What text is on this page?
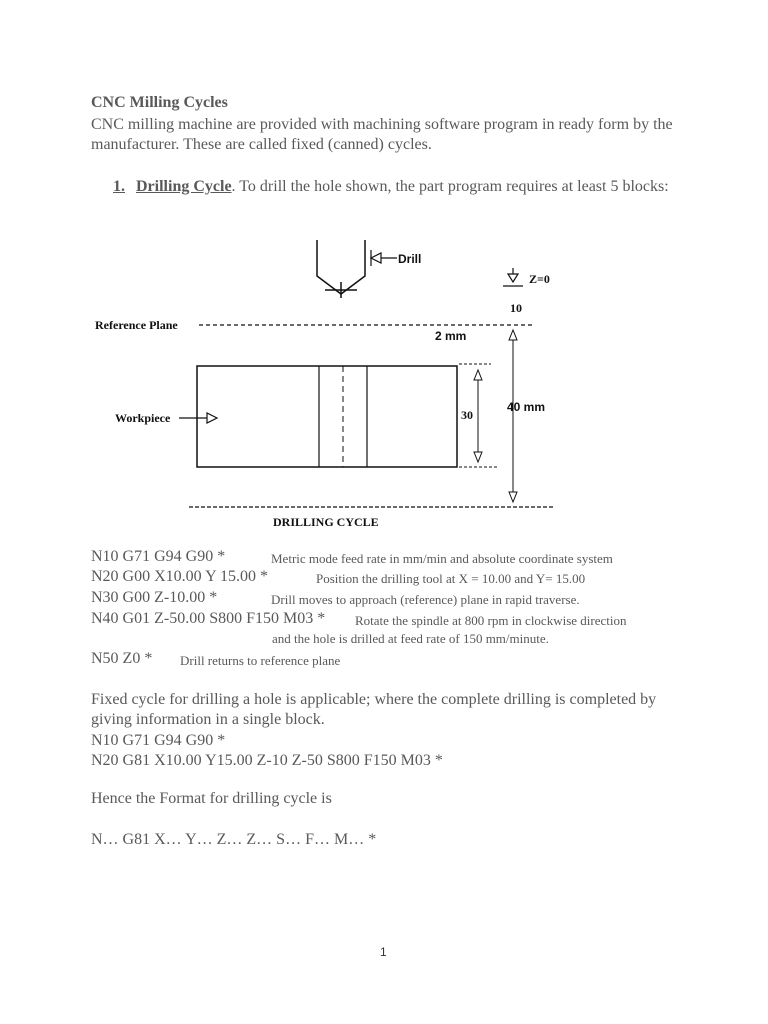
CNC Milling Cycles
CNC milling machine are provided with machining software program in ready form by the manufacturer. These are called fixed (canned) cycles.
1. Drilling Cycle. To drill the hole shown, the part program requires at least 5 blocks:
Drill
Z=0
10
Reference Plane
2 mm
Workpiece	30
40 mm
DRILLING CYCLE
N10 G71 G94 G90 *	Metric mode feed rate in mm/min and absolute coordinate system
N20 G00 X10.00 Y 15.00 *	Position the drilling tool at X = 10.00 and Y= 15.00
N30 G00 Z-10.00 *	Drill moves to approach (reference) plane in rapid traverse.
N40 G01 Z-50.00 S800 F150 M03 * Rotate the spindle at 800 rpm in clockwise direction
and the hole is drilled at feed rate of 150 mm/minute.
N50 Z0 * Drill returns to reference plane
Fixed cycle for drilling a hole is applicable; where the complete drilling is completed by giving information in a single block.
N10 G71 G94 G90 *
N20 G81 X10.00 Y15.00 Z-10 Z-50 S800 F150 M03 *
Hence the Format for drilling cycle is
N… G81 X… Y… Z… Z… S… F… M… *
1
